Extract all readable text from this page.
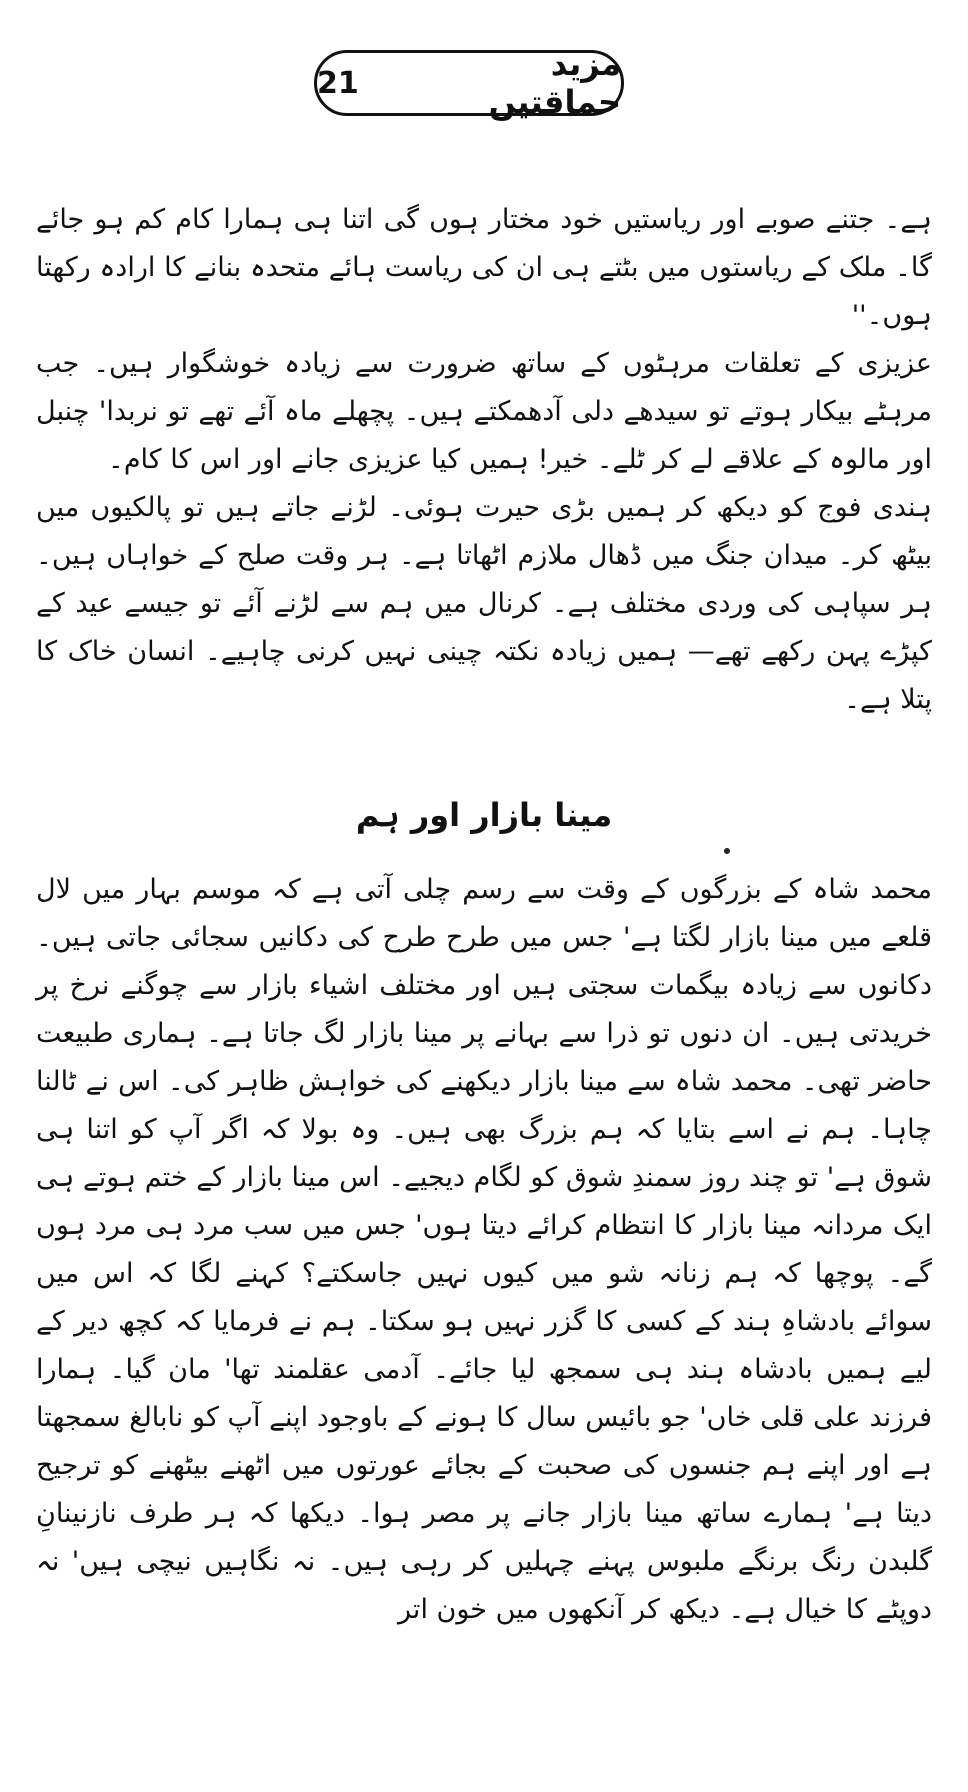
21	مزید حماقتیں

ہے۔ جتنے صوبے اور ریاستیں خود مختار ہوں گی اتنا ہی ہمارا کام کم ہو جائے گا۔ ملک کے ریاستوں میں بٹتے ہی ان کی ریاست ہائے متحدہ بنانے کا ارادہ رکھتا ہوں۔''

عزیزی کے تعلقات مرہٹوں کے ساتھ ضرورت سے زیادہ خوشگوار ہیں۔ جب مرہٹے بیکار ہوتے تو سیدھے دلی آدھمکتے ہیں۔ پچھلے ماہ آئے تھے تو نربدا' چنبل اور مالوہ کے علاقے لے کر ٹلے۔ خیر! ہمیں کیا عزیزی جانے اور اس کا کام۔

ہندی فوج کو دیکھ کر ہمیں بڑی حیرت ہوئی۔ لڑنے جاتے ہیں تو پالکیوں میں بیٹھ کر۔ میدان جنگ میں ڈھال ملازم اٹھاتا ہے۔ ہر وقت صلح کے خواہاں ہیں۔ ہر سپاہی کی وردی مختلف ہے۔ کرنال میں ہم سے لڑنے آئے تو جیسے عید کے کپڑے پہن رکھے تھے— ہمیں زیادہ نکتہ چینی نہیں کرنی چاہیے۔ انسان خاک کا پتلا ہے۔

مینا بازار اور ہم

محمد شاہ کے بزرگوں کے وقت سے رسم چلی آتی ہے کہ موسم بہار میں لال قلعے میں مینا بازار لگتا ہے' جس میں طرح طرح کی دکانیں سجائی جاتی ہیں۔ دکانوں سے زیادہ بیگمات سجتی ہیں اور مختلف اشیاء بازار سے چوگنے نرخ پر خریدتی ہیں۔ ان دنوں تو ذرا سے بہانے پر مینا بازار لگ جاتا ہے۔ ہماری طبیعت حاضر تھی۔ محمد شاہ سے مینا بازار دیکھنے کی خواہش ظاہر کی۔ اس نے ٹالنا چاہا۔ ہم نے اسے بتایا کہ ہم بزرگ بھی ہیں۔ وہ بولا کہ اگر آپ کو اتنا ہی شوق ہے' تو چند روز سمندِ شوق کو لگام دیجیے۔ اس مینا بازار کے ختم ہوتے ہی ایک مردانہ مینا بازار کا انتظام کرائے دیتا ہوں' جس میں سب مرد ہی مرد ہوں گے۔ پوچھا کہ ہم زنانہ شو میں کیوں نہیں جاسکتے؟ کہنے لگا کہ اس میں سوائے بادشاہِ ہند کے کسی کا گزر نہیں ہو سکتا۔ ہم نے فرمایا کہ کچھ دیر کے لیے ہمیں بادشاہ ہند ہی سمجھ لیا جائے۔ آدمی عقلمند تھا' مان گیا۔ ہمارا فرزند علی قلی خاں' جو بائیس سال کا ہونے کے باوجود اپنے آپ کو نابالغ سمجھتا ہے اور اپنے ہم جنسوں کی صحبت کے بجائے عورتوں میں اٹھنے بیٹھنے کو ترجیح دیتا ہے' ہمارے ساتھ مینا بازار جانے پر مصر ہوا۔ دیکھا کہ ہر طرف نازنینانِ گلبدن رنگ برنگے ملبوس پہنے چہلیں کر رہی ہیں۔ نہ نگاہیں نیچی ہیں' نہ دوپٹے کا خیال ہے۔ دیکھ کر آنکھوں میں خون اتر
